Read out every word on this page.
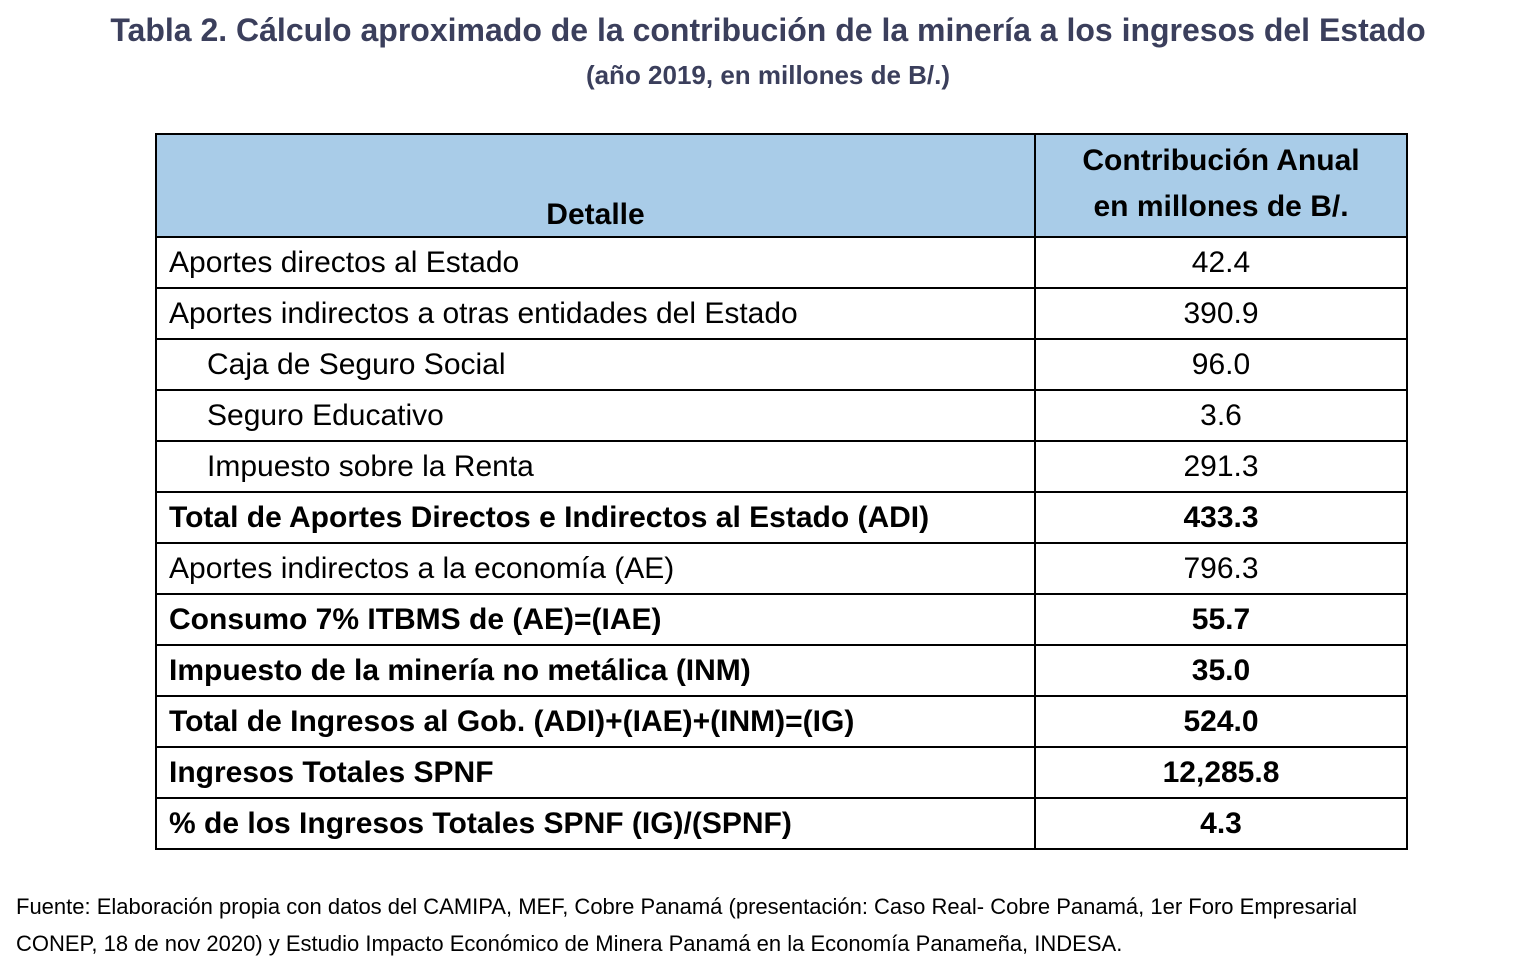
Tabla 2. Cálculo aproximado de la contribución de la minería a los ingresos del Estado
(año 2019, en millones de B/.)
Detalle	Contribución Anual
en millones de B/.

Aportes directos al Estado	42.4
Aportes indirectos a otras entidades del Estado	390.9
Caja de Seguro Social	96.0
Seguro Educativo	3.6
Impuesto sobre la Renta	291.3
Total de Aportes Directos e Indirectos al Estado (ADI)	433.3
Aportes indirectos a la economía (AE)	796.3
Consumo 7% ITBMS de (AE)=(IAE)	55.7
Impuesto de la minería no metálica (INM)	35.0
Total de Ingresos al Gob. (ADI)+(IAE)+(INM)=(IG)	524.0
Ingresos Totales SPNF	12,285.8
% de los Ingresos Totales SPNF (IG)/(SPNF)	4.3
Fuente: Elaboración propia con datos del CAMIPA, MEF, Cobre Panamá (presentación: Caso Real- Cobre Panamá, 1er Foro Empresarial
CONEP, 18 de nov 2020) y Estudio Impacto Económico de Minera Panamá en la Economía Panameña, INDESA.
